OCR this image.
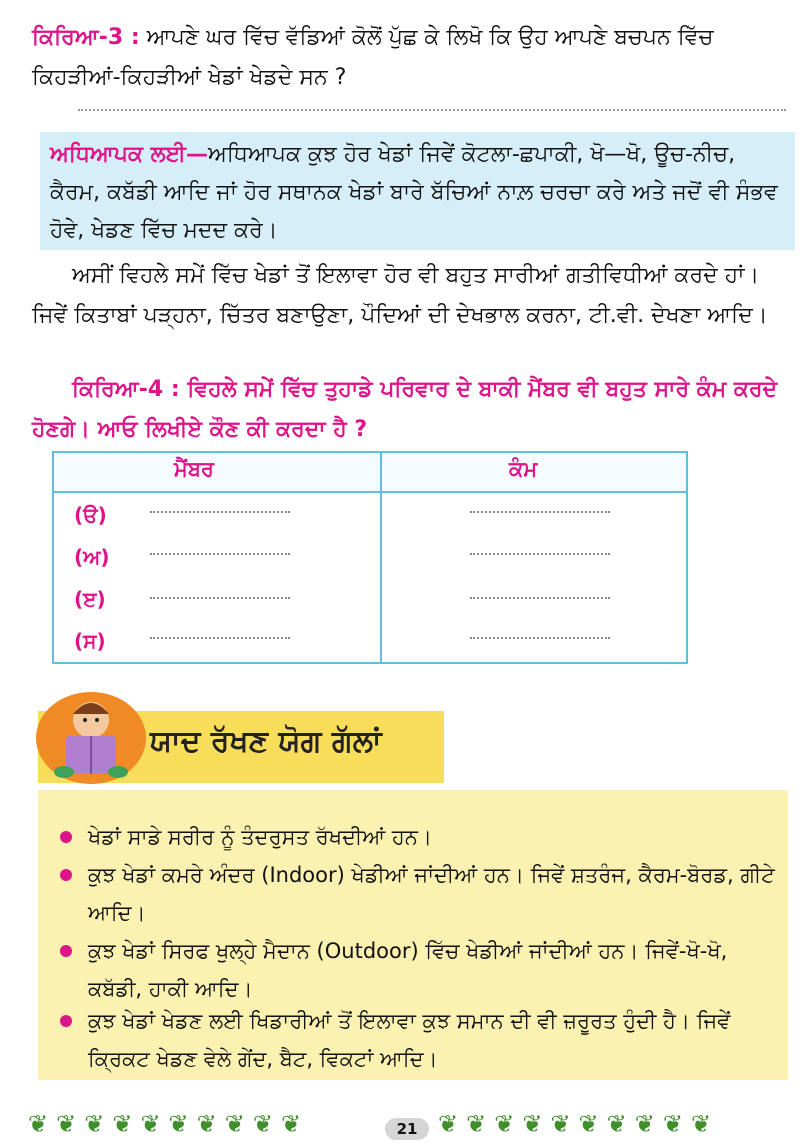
ਕਿਰਿਆ-3 : ਆਪਣੇ ਘਰ ਵਿੱਚ ਵੱਡਿਆਂ ਕੋਲੋਂ ਪੁੱਛ ਕੇ ਲਿਖੋ ਕਿ ਉਹ ਆਪਣੇ ਬਚਪਨ ਵਿੱਚ ਕਿਹੜੀਆਂ-ਕਿਹੜੀਆਂ ਖੇਡਾਂ ਖੇਡਦੇ ਸਨ ?
ਅਧਿਆਪਕ ਲਈ—ਅਧਿਆਪਕ ਕੁਝ ਹੋਰ ਖੇਡਾਂ ਜਿਵੇਂ ਕੋਟਲਾ-ਛਪਾਕੀ, ਖੋ—ਖੋ, ਊਚ-ਨੀਚ, ਕੈਰਮ, ਕਬੱਡੀ ਆਦਿ ਜਾਂ ਹੋਰ ਸਥਾਨਕ ਖੇਡਾਂ ਬਾਰੇ ਬੱਚਿਆਂ ਨਾਲ਼ ਚਰਚਾ ਕਰੇ ਅਤੇ ਜਦੋਂ ਵੀ ਸੰਭਵ ਹੋਵੇ, ਖੇਡਣ ਵਿੱਚ ਮਦਦ ਕਰੇ।
ਅਸੀਂ ਵਿਹਲੇ ਸਮੇਂ ਵਿੱਚ ਖੇਡਾਂ ਤੋਂ ਇਲਾਵਾ ਹੋਰ ਵੀ ਬਹੁਤ ਸਾਰੀਆਂ ਗਤੀਵਿਧੀਆਂ ਕਰਦੇ ਹਾਂ। ਜਿਵੇਂ ਕਿਤਾਬਾਂ ਪੜ੍ਹਨਾ, ਚਿੱਤਰ ਬਣਾਉਣਾ, ਪੌਦਿਆਂ ਦੀ ਦੇਖਭਾਲ ਕਰਨਾ, ਟੀ.ਵੀ. ਦੇਖਣਾ ਆਦਿ।
ਕਿਰਿਆ-4 : ਵਿਹਲੇ ਸਮੇਂ ਵਿੱਚ ਤੁਹਾਡੇ ਪਰਿਵਾਰ ਦੇ ਬਾਕੀ ਮੈਂਬਰ ਵੀ ਬਹੁਤ ਸਾਰੇ ਕੰਮ ਕਰਦੇ ਹੋਣਗੇ। ਆਓ ਲਿਖੀਏ ਕੌਣ ਕੀ ਕਰਦਾ ਹੈ ?
ਮੈਂਬਰ	ਕੰਮ
(ੳ)
(ਅ)
(ੲ)
(ਸ)
ਯਾਦ ਰੱਖਣ ਯੋਗ ਗੱਲਾਂ
ਖੇਡਾਂ ਸਾਡੇ ਸਰੀਰ ਨੂੰ ਤੰਦਰੁਸਤ ਰੱਖਦੀਆਂ ਹਨ।
ਕੁਝ ਖੇਡਾਂ ਕਮਰੇ ਅੰਦਰ (Indoor) ਖੇਡੀਆਂ ਜਾਂਦੀਆਂ ਹਨ। ਜਿਵੇਂ ਸ਼ਤਰੰਜ, ਕੈਰਮ-ਬੋਰਡ, ਗੀਟੇ ਆਦਿ।
ਕੁਝ ਖੇਡਾਂ ਸਿਰਫ ਖੁਲ੍ਹੇ ਮੈਦਾਨ (Outdoor) ਵਿੱਚ ਖੇਡੀਆਂ ਜਾਂਦੀਆਂ ਹਨ। ਜਿਵੇਂ-ਖੋ-ਖੋ, ਕਬੱਡੀ, ਹਾਕੀ ਆਦਿ।
ਕੁਝ ਖੇਡਾਂ ਖੇਡਣ ਲਈ ਖਿਡਾਰੀਆਂ ਤੋਂ ਇਲਾਵਾ ਕੁਝ ਸਮਾਨ ਦੀ ਵੀ ਜ਼ਰੂਰਤ ਹੁੰਦੀ ਹੈ। ਜਿਵੇਂ ਕ੍ਰਿਕਟ ਖੇਡਣ ਵੇਲੇ ਗੇਂਦ, ਬੈਟ, ਵਿਕਟਾਂ ਆਦਿ।
❦❦❦❦❦❦❦❦❦❦	21 ❦❦❦❦❦❦❦❦❦❦
